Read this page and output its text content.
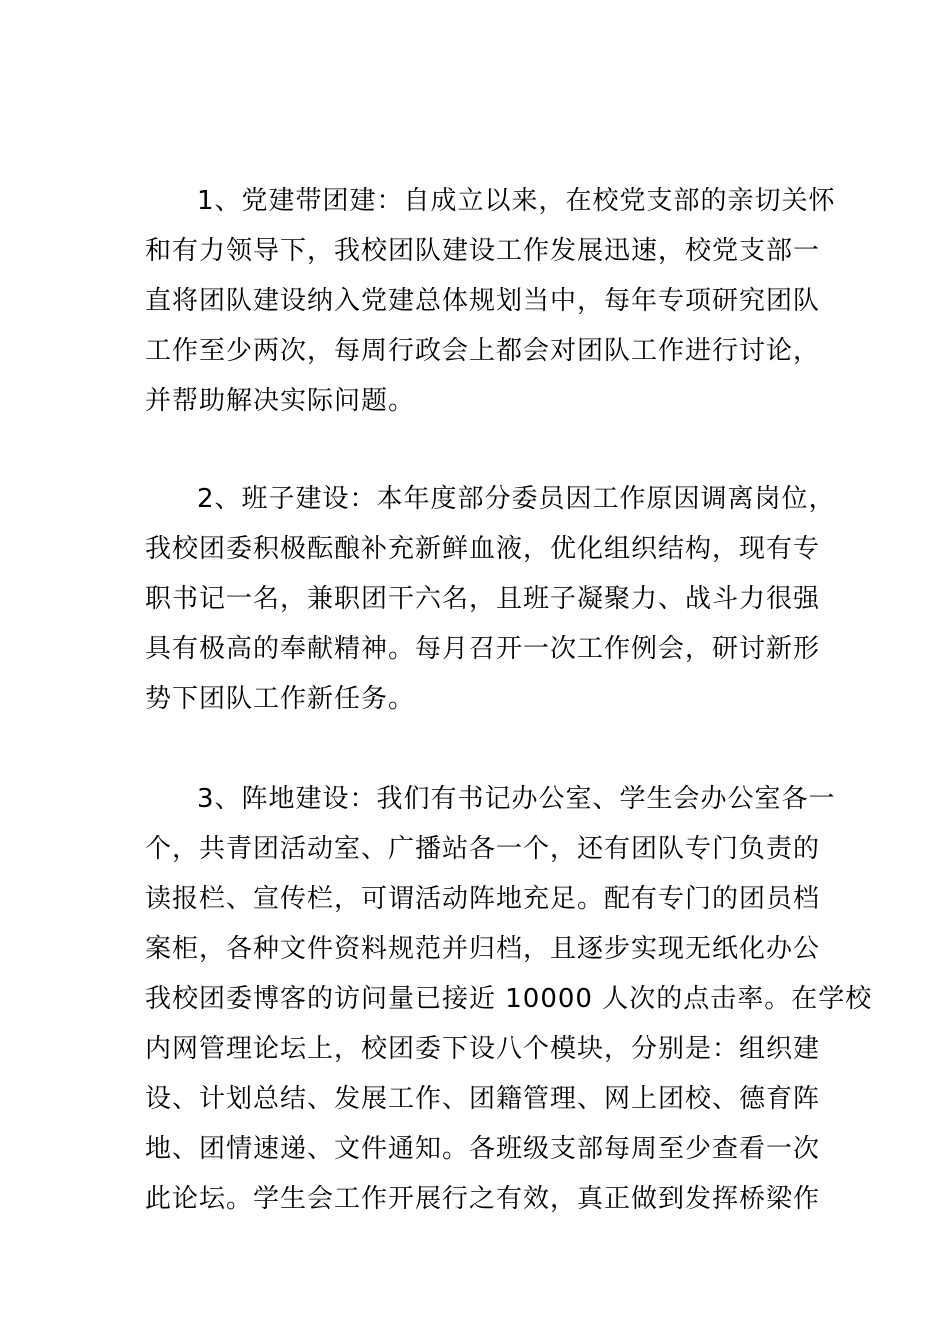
1、党建带团建：自成立以来，在校党支部的亲切关怀
和有力领导下，我校团队建设工作发展迅速，校党支部一
直将团队建设纳入党建总体规划当中，每年专项研究团队
工作至少两次，每周行政会上都会对团队工作进行讨论，
并帮助解决实际问题。
2、班子建设：本年度部分委员因工作原因调离岗位，
我校团委积极酝酿补充新鲜血液，优化组织结构，现有专
职书记一名，兼职团干六名，且班子凝聚力、战斗力很强
具有极高的奉献精神。每月召开一次工作例会，研讨新形
势下团队工作新任务。
3、阵地建设：我们有书记办公室、学生会办公室各一
个，共青团活动室、广播站各一个，还有团队专门负责的
读报栏、宣传栏，可谓活动阵地充足。配有专门的团员档
案柜，各种文件资料规范并归档，且逐步实现无纸化办公
我校团委博客的访问量已接近 10000 人次的点击率。在学校
内网管理论坛上，校团委下设八个模块，分别是：组织建
设、计划总结、发展工作、团籍管理、网上团校、德育阵
地、团情速递、文件通知。各班级支部每周至少查看一次
此论坛。学生会工作开展行之有效，真正做到发挥桥梁作
